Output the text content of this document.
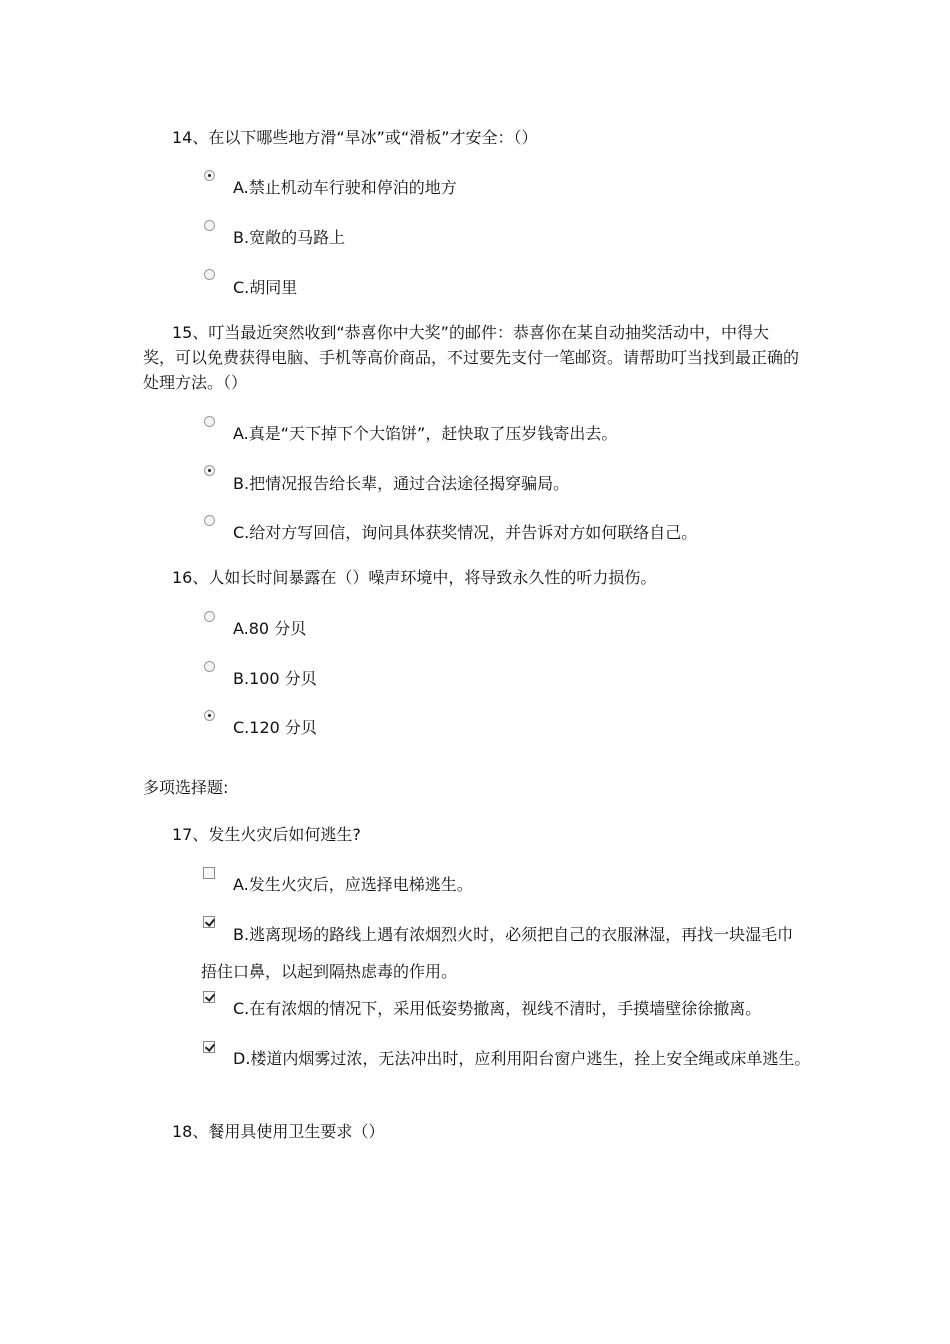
14、在以下哪些地方滑“旱冰”或“滑板”才安全：（）
A.禁止机动车行驶和停泊的地方
B.宽敞的马路上
C.胡同里
15、叮当最近突然收到“恭喜你中大奖”的邮件：恭喜你在某自动抽奖活动中，中得大
奖，可以免费获得电脑、手机等高价商品，不过要先支付一笔邮资。请帮助叮当找到最正确的
处理方法。（）
A.真是“天下掉下个大馅饼”，赶快取了压岁钱寄出去。
B.把情况报告给长辈，通过合法途径揭穿骗局。
C.给对方写回信，询问具体获奖情况，并告诉对方如何联络自己。
16、人如长时间暴露在（）噪声环境中，将导致永久性的听力损伤。
A.80 分贝
B.100 分贝
C.120 分贝
多项选择题:
17、发生火灾后如何逃生?
A.发生火灾后，应选择电梯逃生。
B.逃离现场的路线上遇有浓烟烈火时，必须把自己的衣服淋湿，再找一块湿毛巾
捂住口鼻，以起到隔热虑毒的作用。
C.在有浓烟的情况下，采用低姿势撤离，视线不清时，手摸墙壁徐徐撤离。
D.楼道内烟雾过浓，无法冲出时，应利用阳台窗户逃生，拴上安全绳或床单逃生。
18、餐用具使用卫生要求（）
